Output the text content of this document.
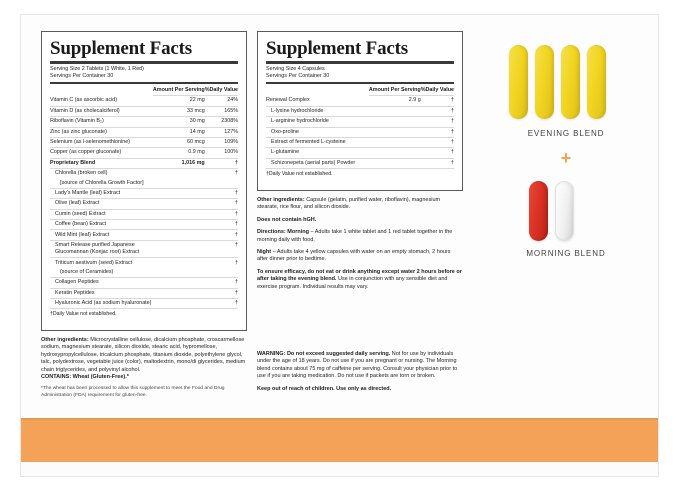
Supplement Facts
Serving Size 2 Tablets (1 White, 1 Red)
Servings Per Container 30
	Amount Per Serving	%Daily Value
Vitamin C (as ascorbic acid)	22 mg	24%
Vitamin D (as cholecalciferol)	33 mcg	165%
Riboflavin (Vitamin B₂)	30 mg	2308%
Zinc (as zinc gluconate)	14 mg	127%
Selenium (as l-selenomethionine)	60 mcg	109%
Copper (as copper gluconate)	0.9 mg	100%
Proprietary Blend	1,016 mg	†
Chlorella (broken cell)		†
[source of Chlorella Growth Factor]		
Lady's Mantle (leaf) Extract		†
Olive (leaf) Extract		†
Cumin (seed) Extract		†
Coffee (bean) Extract		†
Wild Mint (leaf) Extract		†
Smart Release purified Japanese Glucomannan (Konjac root) Extract		†
Triticum aestivum (seed) Extract		†
(source of Ceramides)		
Collagen Peptides		†
Keratin Peptides		†
Hyaluronic Acid (as sodium hyaluronate)		†
†Daily Value not established.
Supplement Facts
Serving Size 4 Capsules
Servings Per Container 30
	Amount Per Serving	%Daily Value
Renewal Complex	2.9 g	†
L-lysine hydrochloride		†
L-arginine hydrochloride		†
Oxo-proline		†
Extract of fermented L-cysteine		†
L-glutamine		†
Schizonepeta (aerial parts) Powder		†
†Daily Value not established.

Other ingredients: Microcrystalline cellulose, dicalcium phosphate, croscarmellose sodium, magnesium stearate, silicon dioxide, stearic acid, hypromellose, hydroxypropylcellulose, tricalcium phosphate, titanium dioxide, polyethylene glycol, talc, polydextrose, vegetable juice (color), maltodextrin, mono/di glycerides, medium chain triglycerides, and polyvinyl alcohol.
CONTAINS: Wheat (Gluten-Free).*

*The wheat has been processed to allow this supplement to meet the Food and Drug Administration (FDA) requirement for gluten-free.

Other ingredients: Capsule (gelatin, purified water, riboflavin), magnesium stearate, rice flour, and silicon dioxide.

Does not contain hGH.

Directions: Morning – Adults take 1 white tablet and 1 red tablet together in the morning daily with food.

Night – Adults take 4 yellow capsules with water on an empty stomach, 2 hours after dinner prior to bedtime.

To ensure efficacy, do not eat or drink anything except water 2 hours before or after taking the evening blend. Use in conjunction with any sensible diet and exercise program. Individual results may vary.

WARNING: Do not exceed suggested daily serving. Not for use by individuals under the age of 18 years. Do not use if you are pregnant or nursing. The Morning blend contains about 75 mg of caffeine per serving. Consult your physician prior to use if you are taking medication. Do not use if packets are torn or broken.

Keep out of reach of children. Use only as directed.

EVENING BLEND
+
MORNING BLEND
